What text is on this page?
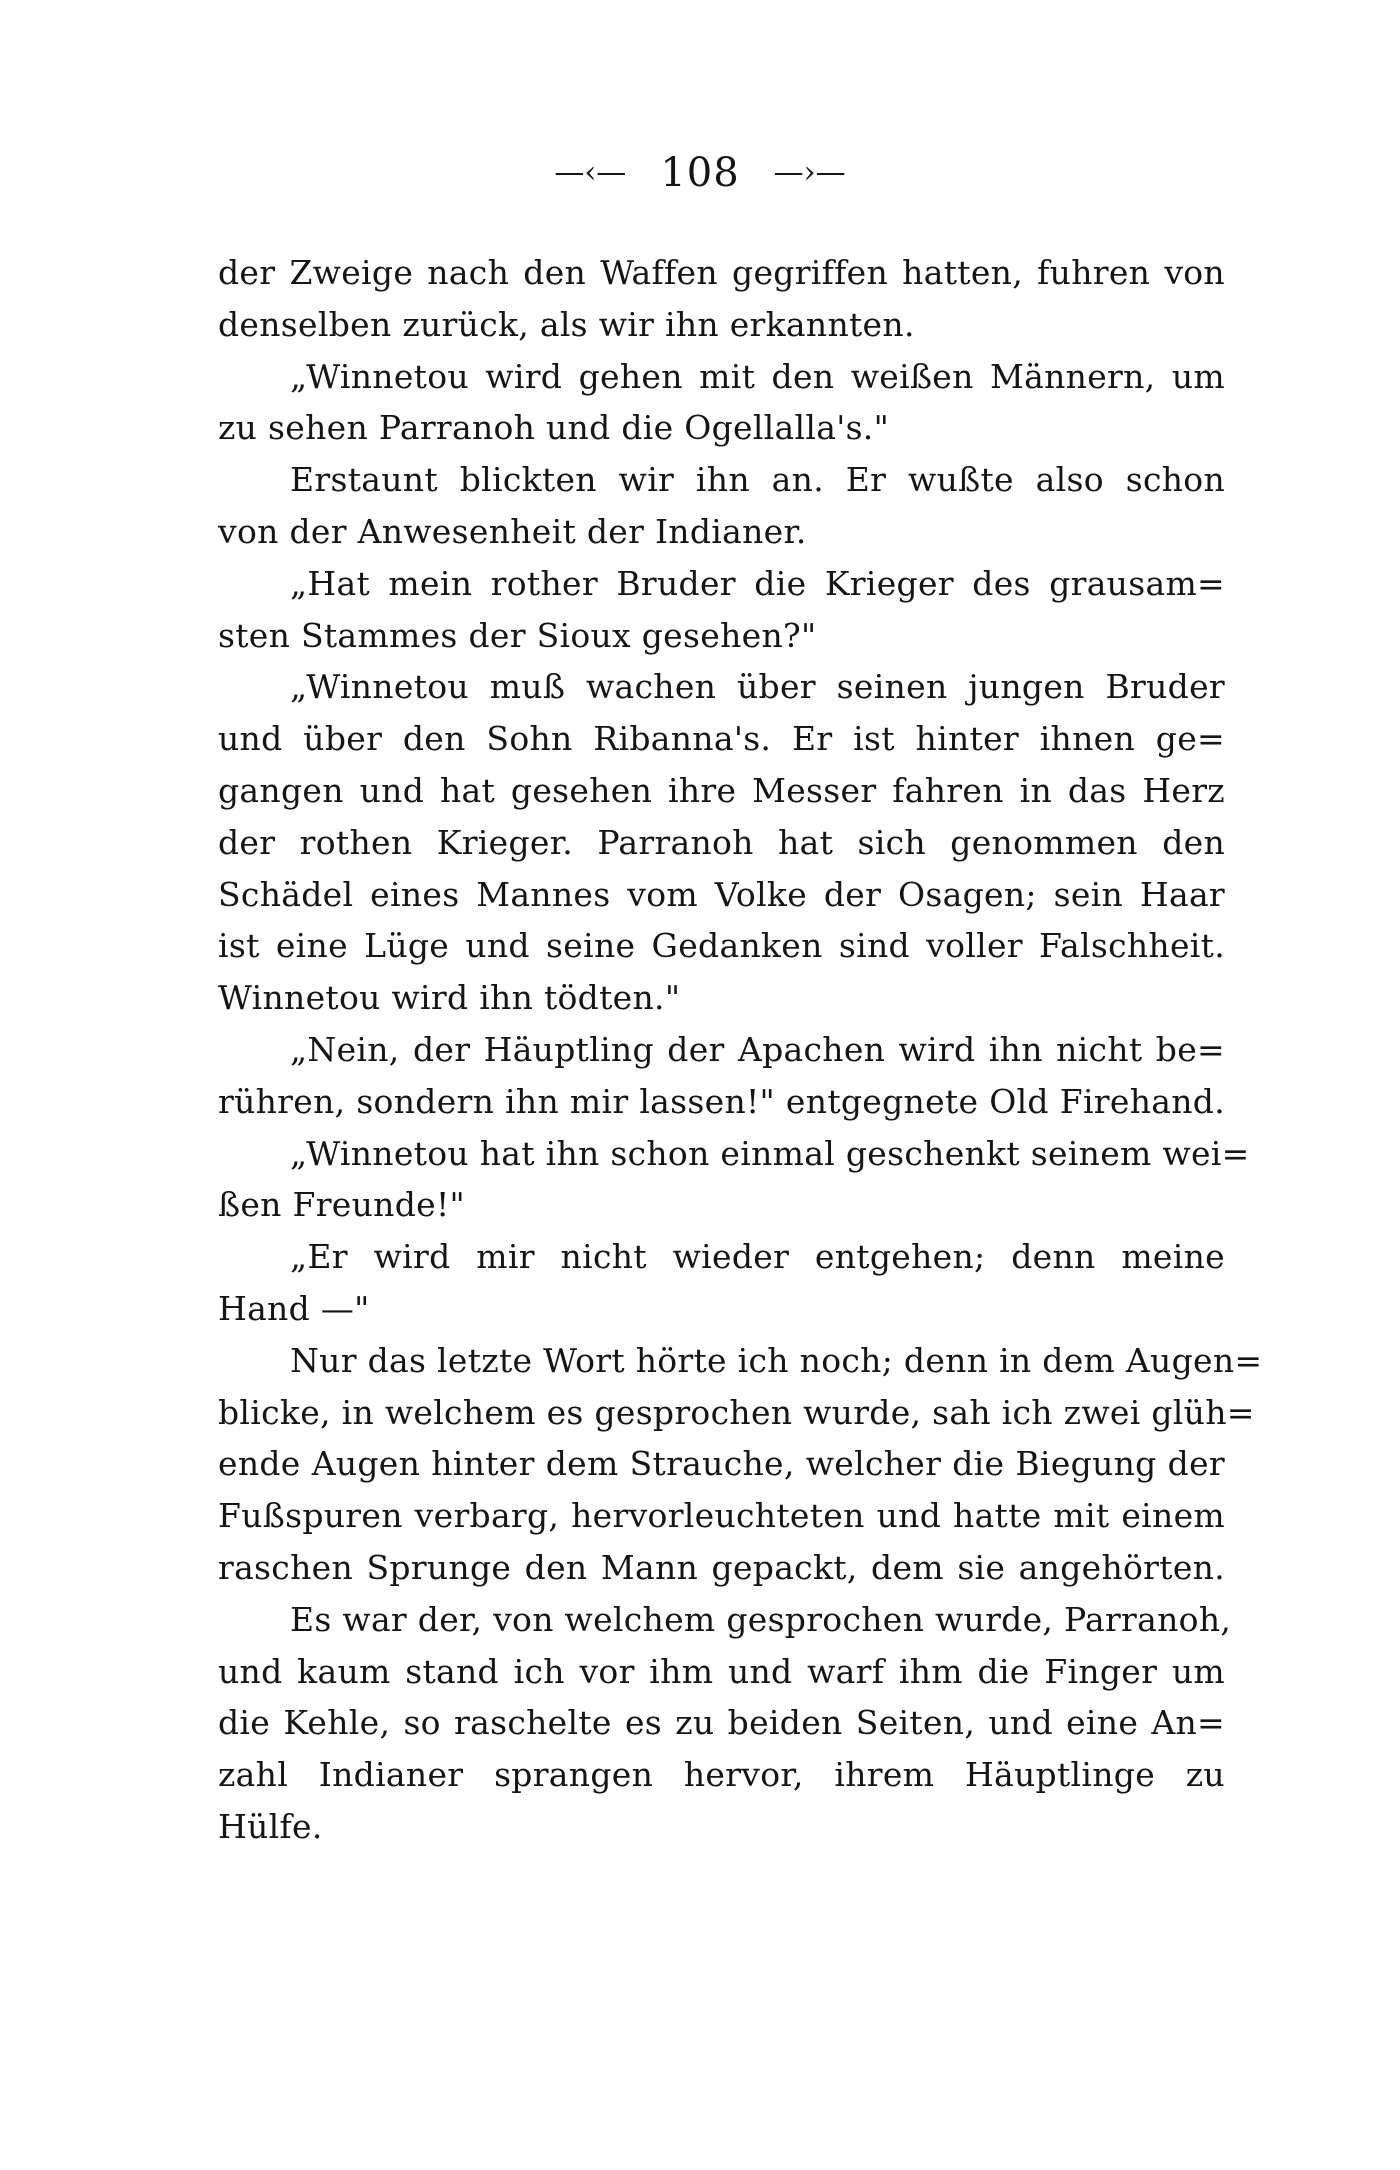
—‹— 108 —›—
der Zweige nach den Waffen gegriffen hatten, fuhren von
denselben zurück, als wir ihn erkannten.
„Winnetou wird gehen mit den weißen Männern, um
zu sehen Parranoh und die Ogellalla's."
Erstaunt blickten wir ihn an. Er wußte also schon
von der Anwesenheit der Indianer.
„Hat mein rother Bruder die Krieger des grausam=
sten Stammes der Sioux gesehen?"
„Winnetou muß wachen über seinen jungen Bruder
und über den Sohn Ribanna's. Er ist hinter ihnen ge=
gangen und hat gesehen ihre Messer fahren in das Herz
der rothen Krieger. Parranoh hat sich genommen den
Schädel eines Mannes vom Volke der Osagen; sein Haar
ist eine Lüge und seine Gedanken sind voller Falschheit.
Winnetou wird ihn tödten."
„Nein, der Häuptling der Apachen wird ihn nicht be=
rühren, sondern ihn mir lassen!" entgegnete Old Firehand.
„Winnetou hat ihn schon einmal geschenkt seinem wei=
ßen Freunde!"
„Er wird mir nicht wieder entgehen; denn meine
Hand —"
Nur das letzte Wort hörte ich noch; denn in dem Augen=
blicke, in welchem es gesprochen wurde, sah ich zwei glüh=
ende Augen hinter dem Strauche, welcher die Biegung der
Fußspuren verbarg, hervorleuchteten und hatte mit einem
raschen Sprunge den Mann gepackt, dem sie angehörten.
Es war der, von welchem gesprochen wurde, Parranoh,
und kaum stand ich vor ihm und warf ihm die Finger um
die Kehle, so raschelte es zu beiden Seiten, und eine An=
zahl Indianer sprangen hervor, ihrem Häuptlinge zu
Hülfe.
